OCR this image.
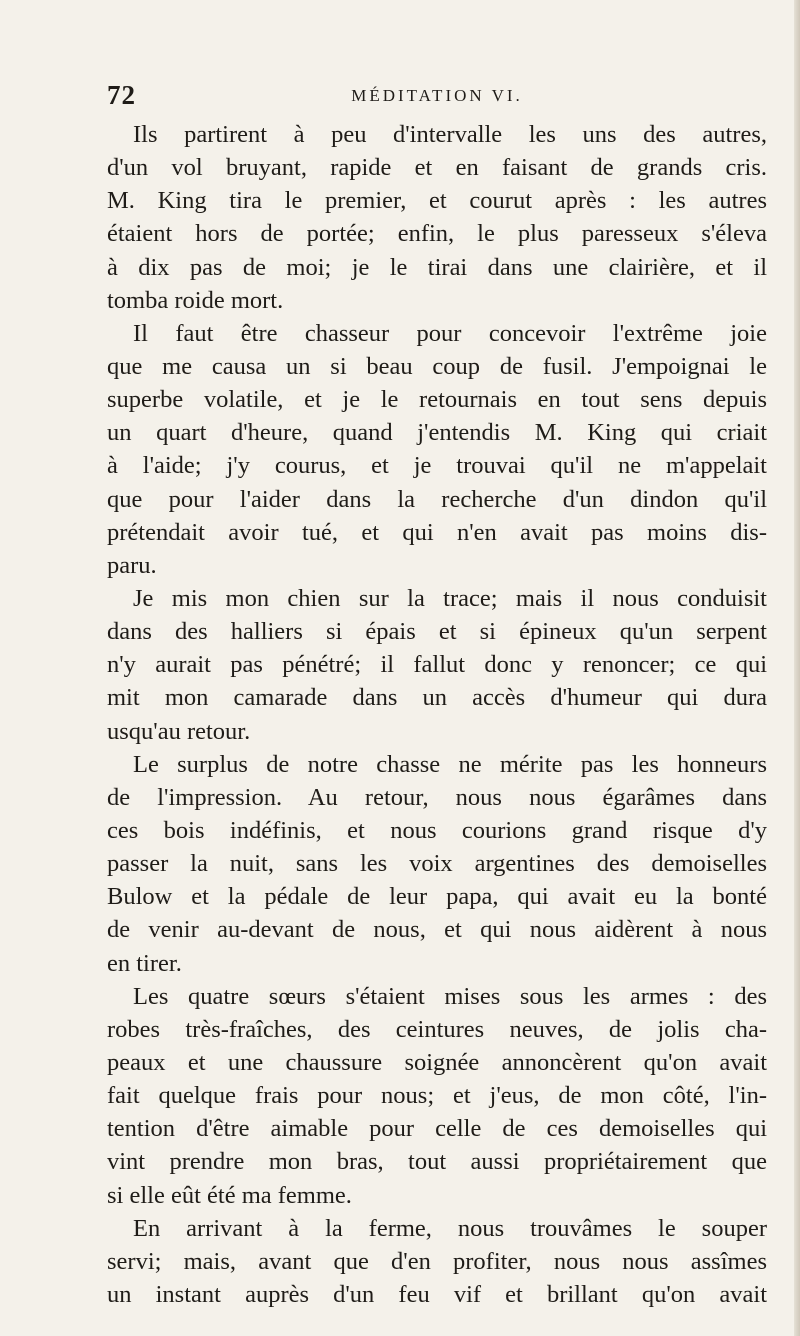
72	MÉDITATION VI.
Ils partirent à peu d'intervalle les uns des autres,
d'un vol bruyant, rapide et en faisant de grands cris.
M. King tira le premier, et courut après : les autres
étaient hors de portée; enfin, le plus paresseux s'éleva
à dix pas de moi; je le tirai dans une clairière, et il
tomba roide mort.
Il faut être chasseur pour concevoir l'extrême joie
que me causa un si beau coup de fusil. J'empoignai le
superbe volatile, et je le retournais en tout sens depuis
un quart d'heure, quand j'entendis M. King qui criait
à l'aide; j'y courus, et je trouvai qu'il ne m'appelait
que pour l'aider dans la recherche d'un dindon qu'il
prétendait avoir tué, et qui n'en avait pas moins dis-
paru.
Je mis mon chien sur la trace; mais il nous conduisit
dans des halliers si épais et si épineux qu'un serpent
n'y aurait pas pénétré; il fallut donc y renoncer; ce qui
mit mon camarade dans un accès d'humeur qui dura
usqu'au retour.
Le surplus de notre chasse ne mérite pas les honneurs
de l'impression. Au retour, nous nous égarâmes dans
ces bois indéfinis, et nous courions grand risque d'y
passer la nuit, sans les voix argentines des demoiselles
Bulow et la pédale de leur papa, qui avait eu la bonté
de venir au-devant de nous, et qui nous aidèrent à nous
en tirer.
Les quatre sœurs s'étaient mises sous les armes : des
robes très-fraîches, des ceintures neuves, de jolis cha-
peaux et une chaussure soignée annoncèrent qu'on avait
fait quelque frais pour nous; et j'eus, de mon côté, l'in-
tention d'être aimable pour celle de ces demoiselles qui
vint prendre mon bras, tout aussi propriétairement que
si elle eût été ma femme.
En arrivant à la ferme, nous trouvâmes le souper
servi; mais, avant que d'en profiter, nous nous assîmes
un instant auprès d'un feu vif et brillant qu'on avait
